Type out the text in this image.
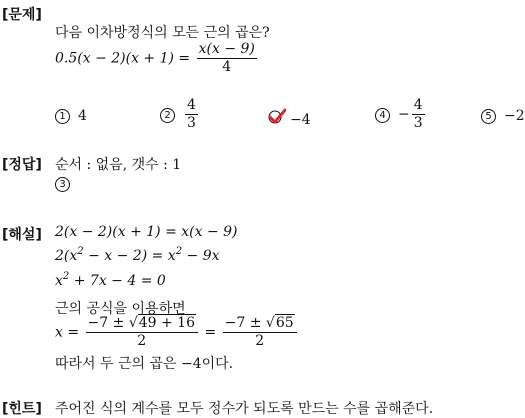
[문제]
[정답]
[해설]
[힌트]
다음 이차방정식의 모든 근의 곱은?
$0.5(x - 2)(x + 1) = \frac{x(x - 9)}{4}$
1 4	$2 \frac{4}{3}$	−4	$4 - \frac{4}{3}$	5 −2
순서 : 없음, 갯수 : 1
3
2(x − 2)(x + 1) = x(x − 9)
$2(x^2 - x - 2) = x^2 - 9x$
$x^2 + 7x - 4 = 0$
근의 공식을 이용하면
$x = \frac{-7 \pm √49 + 16}{2} = \frac{-7 \pm √65}{2}$
따라서 두 근의 곱은 −4이다.
주어진 식의 계수를 모두 정수가 되도록 만드는 수를 곱해준다.
